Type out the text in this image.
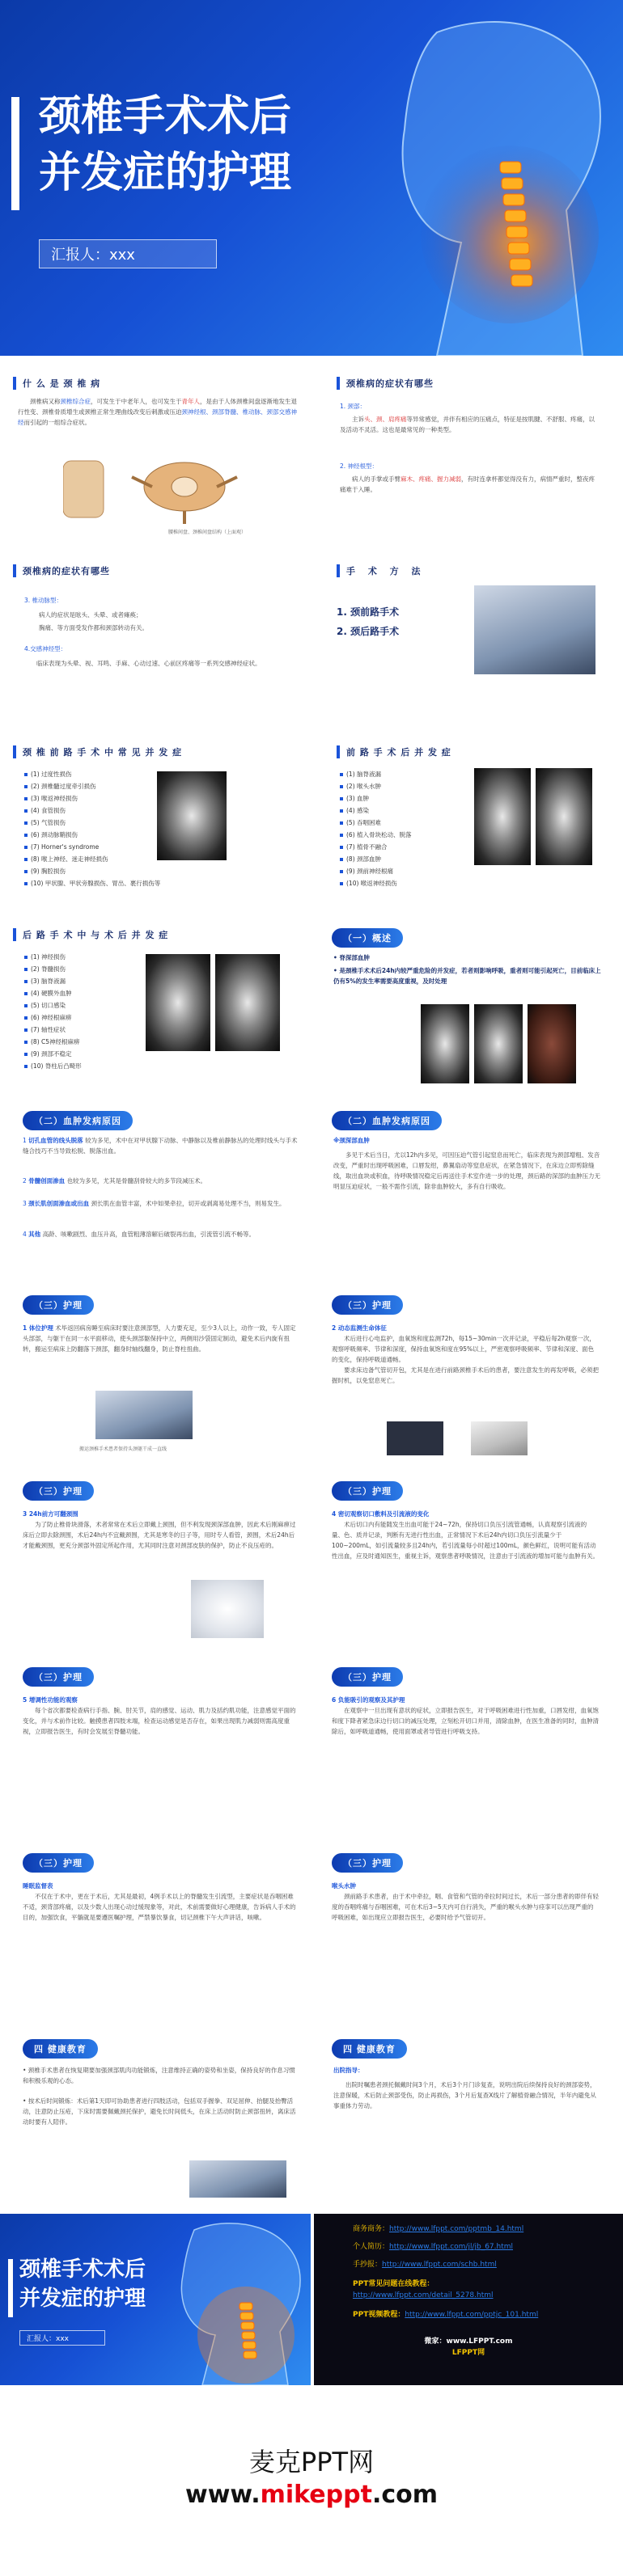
颈椎手术术后
并发症的护理
汇报人：xxx
什 么 是 颈 椎 病

颈椎病又称颈椎综合症，可发生于中老年人，也可发生于青年人，是由于人体颈椎间盘逐渐地发生退行性变、颈椎骨质增生或颈椎正常生理曲线改变后刺激或压迫颈神经根、颈部脊髓、椎动脉、颈部交感神经而引起的一组综合症状。

腰椎间盘、颈椎间盘结构（上面观）
颈椎病的症状有哪些
1. 颈部：

主诉头、颈、肩疼痛等异常感觉，并伴有相应的压痛点，特征是按肌腱、不舒服、疼痛，以及活动不灵活。这也是最常见的一种类型。

2. 神经根型：

病人的手掌或手臂麻木、疼痛、握力减弱，有时连拿杯都觉得没有力，病情严重时，整夜疼痛难于入睡。

颈椎病的症状有哪些
3. 椎动脉型：
病人的症状是眩头、头晕、或者瘫痪；
胸痛、等方面受发作都和颈部转动有关。
4.交感神经型：

临床表现为头晕、视、耳鸣、手麻、心动过速、心前区疼痛等一系列交感神经症状。

手 术 方 法
1. 颈前路手术
2. 颈后路手术
颈 椎 前 路 手 术 中 常 见 并 发 症
(1) 过度性损伤
(2) 颈椎髓过度牵引损伤
(3) 喉返神经损伤
(4) 食管损伤
(5) 气管损伤
(6) 颈动脉鞘损伤
(7) Horner's syndrome
(8) 喉上神经、迷走神经损伤
(9) 胸腔损伤
(10) 甲状腺、甲状旁腺损伤、胃出、裹行损伤等
前 路 手 术 后 并 发 症
(1) 脑脊液漏
(2) 喉头水肿
(3) 血肿
(4) 感染
(5) 吞咽困难
(6) 植入骨块松动、脱落
(7) 植骨不融合
(8) 颈部血肿
(9) 颈前神经根痛
(10) 喉返神经损伤
后 路 手 术 中 与 术 后 并 发 症
(1) 神经损伤
(2) 脊髓损伤
(3) 脑脊液漏
(4) 硬膜外血肿
(5) 切口感染
(6) 神经根麻痹
(7) 轴性症状
(8) C5神经根麻痹
(9) 颈部不稳定
(10) 脊柱后凸畸形
（一）概述
• 脊深部血肿

• 是颈椎手术术后24h内较严重危险的并发症，若者则影响呼吸，重者则可能引起死亡，目前临床上仍有5%的发生率需要高度重视，及时处理

（二）血肿发病原因
1 切孔血管的线头脱落 较为多见，术中在对甲状腺下动脉、中静脉以及椎前静脉丛的处理时线头与手术缝合技巧不当导致松脱、脱落出血。
2 骨髓创面渗血 也较为多见，尤其是骨髓刮骨较大的多节段减压术。
3 颈长肌创面渗血或出血 颈长肌在血管丰富，术中如果牵拉，切开或剥离易处理不当，则易发生。
4 其他 高龄、咳嗽剧烈、血压升高，血管粗薄溶解后破裂再出血，引流管引流不畅等。
（二）血肿发病原因
※颈深部血肿

多见于术后当日，尤以12h内多见，可因压迫气管引起窒息而死亡，临床表现为颈部增粗、发音改变，严重时出现呼吸困难，口唇发绀，鼻翼扇动等窒息症状，在紧急情况下，在床边立即剪除缝线，取出血块或积血，待呼吸情况稳定后再送往手术室作进一步的处理，颈后路的深部的血肿压力无明显压迫症状，一般不需作引流，除非血肿较大，多有自行吸收。

（三）护理	（三）护理
1 体位护理 术毕返回病房睡至病床时要注意颈部型，人力要充足，至少3人以上，动作一致，专人固定头部部，与躯干在同一水平面移动，使头颈部躯保持中立，两侧用沙袋固定制动，避免术后内旋有扭转，搬运至病床上防翻落下颈部，翻身时轴线翻身，防止脊柱扭曲。
搬运颈椎手术患者保持头颈躯干成一直线
2 动态监测生命体征
术后进行心电监护，血氧饱和度监测72h，每15~30min一次并记录，平稳后每2h观察一次，观察呼吸频率、节律和深度，保持血氧饱和度在95%以上，严密观察呼吸频率、节律和深度、面色的变化，保持呼吸道通畅。
要求床边备气管切开包，尤其是在进行前路颈椎手术后的患者，要注意发生的再发呼吸，必须把握时机，以免窒息死亡。
（三）护理	（三）护理
3 24h前方可翻颈围
为了防止椎骨块滑落，术者常常在术后立即戴上颈围，但不利发现颈深部血肿，因此术后刚麻痹过床后立即去除颈围，术后24h内不宜戴颈围，尤其是寒冬的日子等，用时专人看管，颈围，术后24h后才能戴颈围，更充分颈部外固定所起作用，尤其同时注意对颈部皮肤的保护，防止不良压疮的。
4 密切观察切口敷料及引流液的变化
术后切口内有能随发生出血可能于24~72h，保持切口负压引流管通畅，认真观察引流液的量、色、质并记录，判断有无进行性出血，正常情况下术后24h内切口负压引流量少于100~200mL，如引流量较多且24h内，若引流量每小时超过100mL，颜色鲜红，说明可能有活动性出血，应及时通知医生，重视主诉，观察患者呼吸情况，注意由于引流液的增加可能与血肿有关。
（三）护理	（三）护理
5 增调性功能的观察
每个省次都要检查病行手指、腕、肘关节，肩的感觉、运动、肌力及括约肌功能，注意感觉平面的变化，并与术前作比较。触摸患者四肢末端，检查运动感觉是否存在，如果出现肌力减弱则需高度重视，立即报告医生，有时会发展至脊髓功能。
6 负能吸引的观察及其护理
在观察中一旦出现有意状的症状，立即报告医生，对于呼吸困难进行性加重，口唇发绀，血氧饱和度下降者紧急床边行切口的减压处理，立刻松开切口并用，清除血肿，在医生准备的同时，血肿清除后，如呼吸道通畅，使用面罩或者导管进行呼吸支持。
（三）护理	（三）护理
睡眠监督表
不仅在于术中，更在于术后，尤其是最初，4例手术以上的脊髓发生引流型，主要症状是吞咽困难不适，颈背部疼痛，以及少数人出现心动过缓现象等，对此，术前需要做好心理健康，告诉病人手术的目的，加强饮食，平躺就是要遵医嘱护理，严禁暴饮暴食，切记颈椎下午大声讲话，咳嗽。
喉头水肿
颈前路手术患者，由于术中牵拉，咽、食管和气管的牵拉时间过长，术后一部分患者的即伴有轻度的吞咽疼痛与吞咽困难，可在术后3~5天内可自行消失，严重的喉头水肿与痉挛可以出现严重的呼吸困难，如出现应立即报告医生，必要时给予气管切开。
四 健康教育

• 颈椎手术患者在恢复期要加强颈部肌肉功能锻炼，注意维持正确的姿势和坐姿，保持良好的作息习惯和积极乐观的心态。

• 按术后时间锻炼：术后第1天即可协助患者进行四肢活动，包括双手握拳、双足屈伸、抬腿及抬臀活动，注意防止压疮，下床时需要佩戴颈托保护，避免长时间低头，在床上活动时防止颈部扭转，离床活动时要有人陪伴。

四 健康教育
出院指导：

出院时嘱患者颈托佩戴时间3个月，术后3个月门诊复查，说明出院后续保持良好的颈部姿势，注意保暖，术后防止颈部受伤，防止再损伤，3个月后复查X线片了解植骨融合情况，半年内避免从事重体力劳动。

颈椎手术术后
并发症的护理
汇报人：xxx
商务商务：http://www.lfppt.com/pptmb_14.html
个人简历：http://www.lfppt.com/jl/jb_67.html
手抄报：http://www.lfppt.com/schb.html
PPT常见问题在线教程：
http://www.lfppt.com/detail_5278.html
PPT视频教程：http://www.lfppt.com/pptjc_101.html
微家：www.LFPPT.com
LFPPT网
麦克PPT网
www.mikeppt.com
